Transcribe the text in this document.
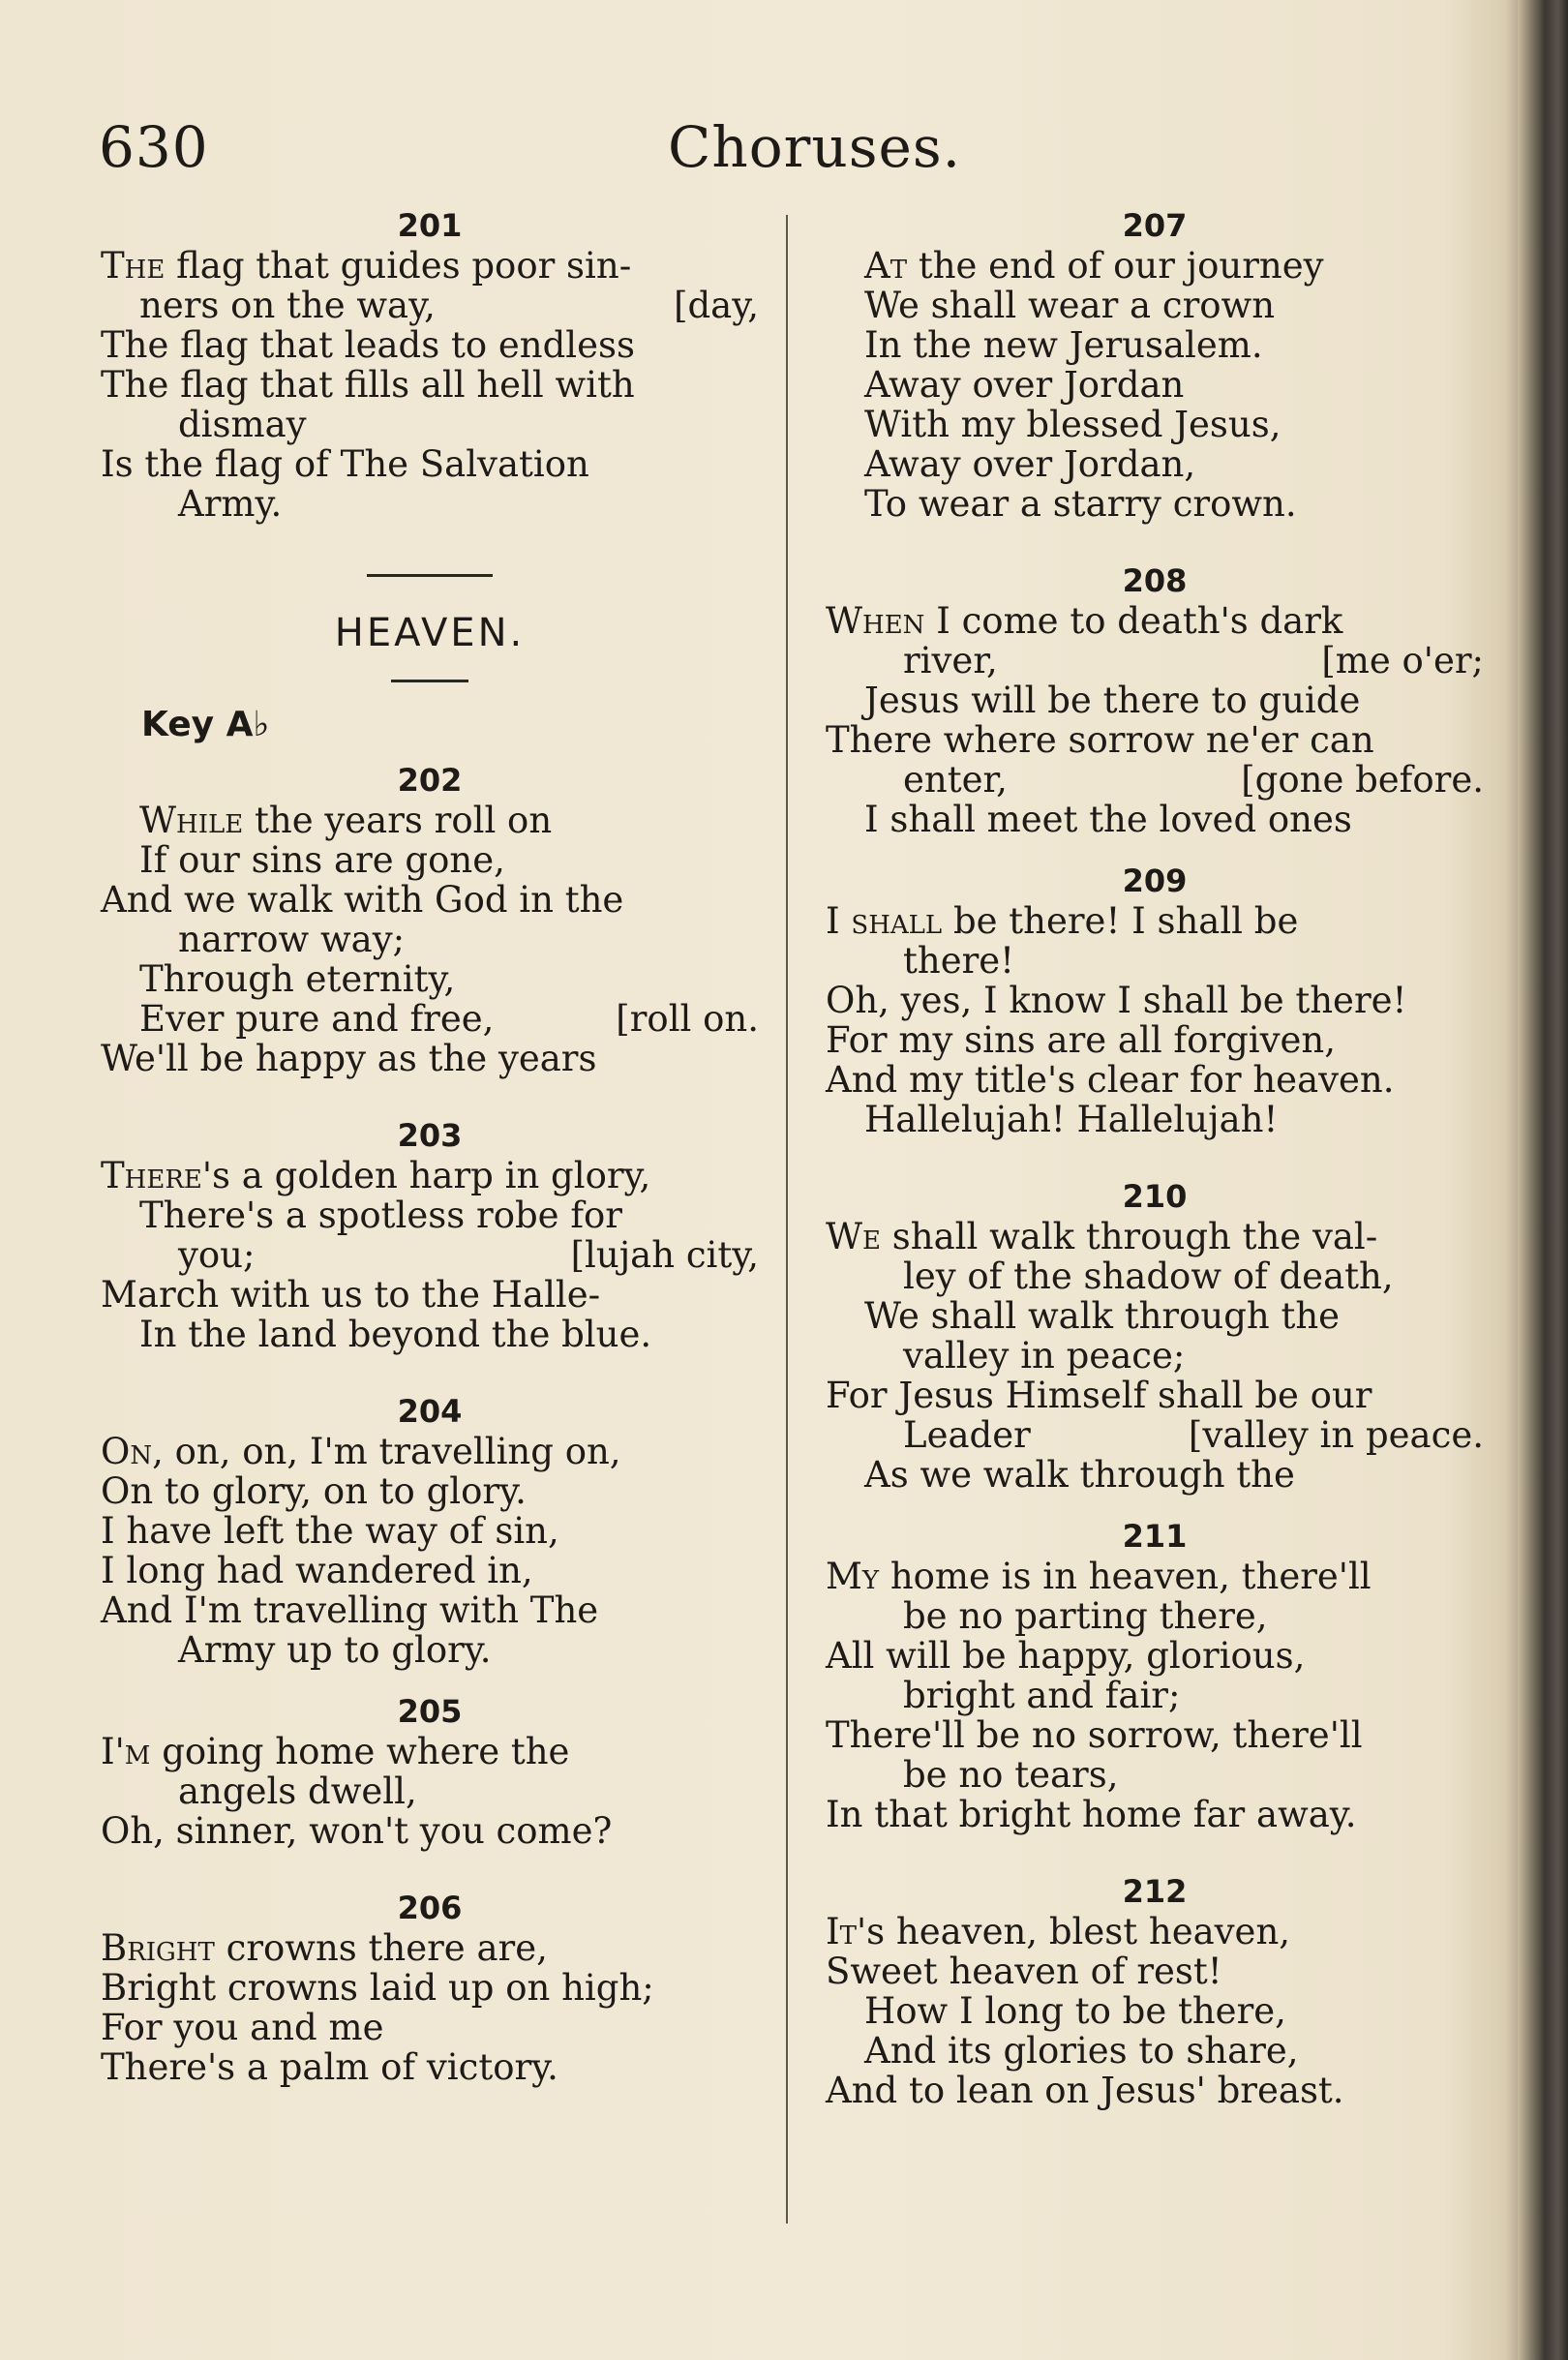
630	Choruses.

201

The flag that guides poor sin-

ners on the way,	[day,

The flag that leads to endless

The flag that fills all hell with

dismay

Is the flag of The Salvation

Army.

HEAVEN.

Key A♭

202

While the years roll on

If our sins are gone,

And we walk with God in the

narrow way;

Through eternity,

Ever pure and free,	[roll on.

We'll be happy as the years

203

There's a golden harp in glory,

There's a spotless robe for

you;	[lujah city,

March with us to the Halle-

In the land beyond the blue.

204

On, on, on, I'm travelling on,

On to glory, on to glory.

I have left the way of sin,

I long had wandered in,

And I'm travelling with The

Army up to glory.

205

I'm going home where the

angels dwell,

Oh, sinner, won't you come?

206

Bright crowns there are,

Bright crowns laid up on high;

For you and me

There's a palm of victory.

207

At the end of our journey

We shall wear a crown

In the new Jerusalem.

Away over Jordan

With my blessed Jesus,

Away over Jordan,

To wear a starry crown.

208

When I come to death's dark

river,	[me o'er;

Jesus will be there to guide

There where sorrow ne'er can

enter,	[gone before.

I shall meet the loved ones

209

I shall be there! I shall be

there!

Oh, yes, I know I shall be there!

For my sins are all forgiven,

And my title's clear for heaven.

Hallelujah! Hallelujah!

210

We shall walk through the val-

ley of the shadow of death,

We shall walk through the

valley in peace;

For Jesus Himself shall be our

Leader	[valley in peace.

As we walk through the

211

My home is in heaven, there'll

be no parting there,

All will be happy, glorious,

bright and fair;

There'll be no sorrow, there'll

be no tears,

In that bright home far away.

212

It's heaven, blest heaven,

Sweet heaven of rest!

How I long to be there,

And its glories to share,

And to lean on Jesus' breast.
